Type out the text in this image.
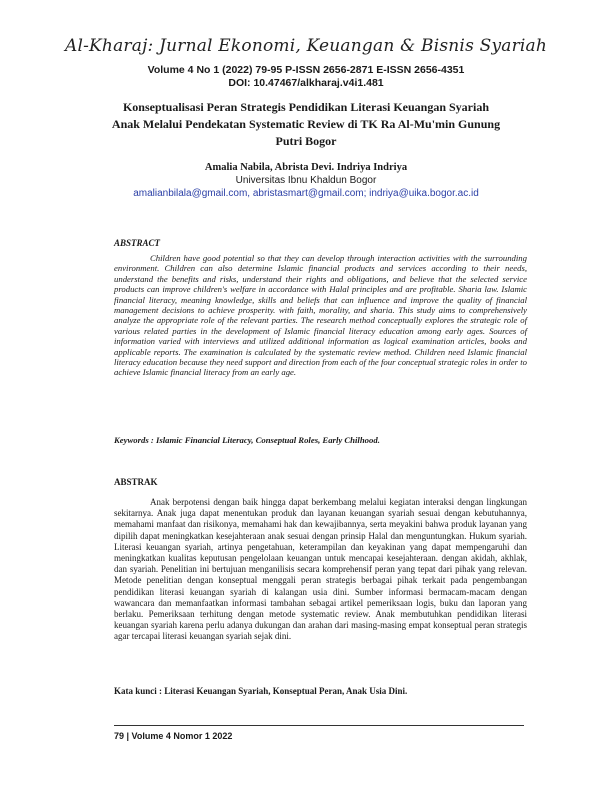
Al-Kharaj: Jurnal Ekonomi, Keuangan & Bisnis Syariah
Volume 4 No 1 (2022) 79-95 P-ISSN 2656-2871 E-ISSN 2656-4351
DOI: 10.47467/alkharaj.v4i1.481
Konseptualisasi Peran Strategis Pendidikan Literasi Keuangan Syariah Anak Melalui Pendekatan Systematic Review di TK Ra Al-Mu'min Gunung Putri Bogor
Amalia Nabila, Abrista Devi. Indriya Indriya
Universitas Ibnu Khaldun Bogor
amalianbilala@gmail.com, abristasmart@gmail.com; indriya@uika.bogor.ac.id
ABSTRACT
Children have good potential so that they can develop through interaction activities with the surrounding environment. Children can also determine Islamic financial products and services according to their needs, understand the benefits and risks, understand their rights and obligations, and believe that the selected service products can improve children's welfare in accordance with Halal principles and are profitable. Sharia law. Islamic financial literacy, meaning knowledge, skills and beliefs that can influence and improve the quality of financial management decisions to achieve prosperity. with faith, morality, and sharia. This study aims to comprehensively analyze the appropriate role of the relevant parties. The research method conceptually explores the strategic role of various related parties in the development of Islamic financial literacy education among early ages. Sources of information varied with interviews and utilized additional information as logical examination articles, books and applicable reports. The examination is calculated by the systematic review method. Children need Islamic financial literacy education because they need support and direction from each of the four conceptual strategic roles in order to achieve Islamic financial literacy from an early age.
Keywords : Islamic Financial Literacy, Conseptual Roles, Early Chilhood.
ABSTRAK
Anak berpotensi dengan baik hingga dapat berkembang melalui kegiatan interaksi dengan lingkungan sekitarnya. Anak juga dapat menentukan produk dan layanan keuangan syariah sesuai dengan kebutuhannya, memahami manfaat dan risikonya, memahami hak dan kewajibannya, serta meyakini bahwa produk layanan yang dipilih dapat meningkatkan kesejahteraan anak sesuai dengan prinsip Halal dan menguntungkan. Hukum syariah. Literasi keuangan syariah, artinya pengetahuan, keterampilan dan keyakinan yang dapat mempengaruhi dan meningkatkan kualitas keputusan pengelolaan keuangan untuk mencapai kesejahteraan. dengan akidah, akhlak, dan syariah. Penelitian ini bertujuan menganilisis secara komprehensif peran yang tepat dari pihak yang relevan. Metode penelitian dengan konseptual menggali peran strategis berbagai pihak terkait pada pengembangan pendidikan literasi keuangan syariah di kalangan usia dini. Sumber informasi bermacam-macam dengan wawancara dan memanfaatkan informasi tambahan sebagai artikel pemeriksaan logis, buku dan laporan yang berlaku. Pemeriksaan terhitung dengan metode systematic review. Anak membutuhkan pendidikan literasi keuangan syariah karena perlu adanya dukungan dan arahan dari masing-masing empat konseptual peran strategis agar tercapai literasi keuangan syariah sejak dini.
Kata kunci : Literasi Keuangan Syariah, Konseptual Peran, Anak Usia Dini.
79 | Volume 4 Nomor 1 2022
